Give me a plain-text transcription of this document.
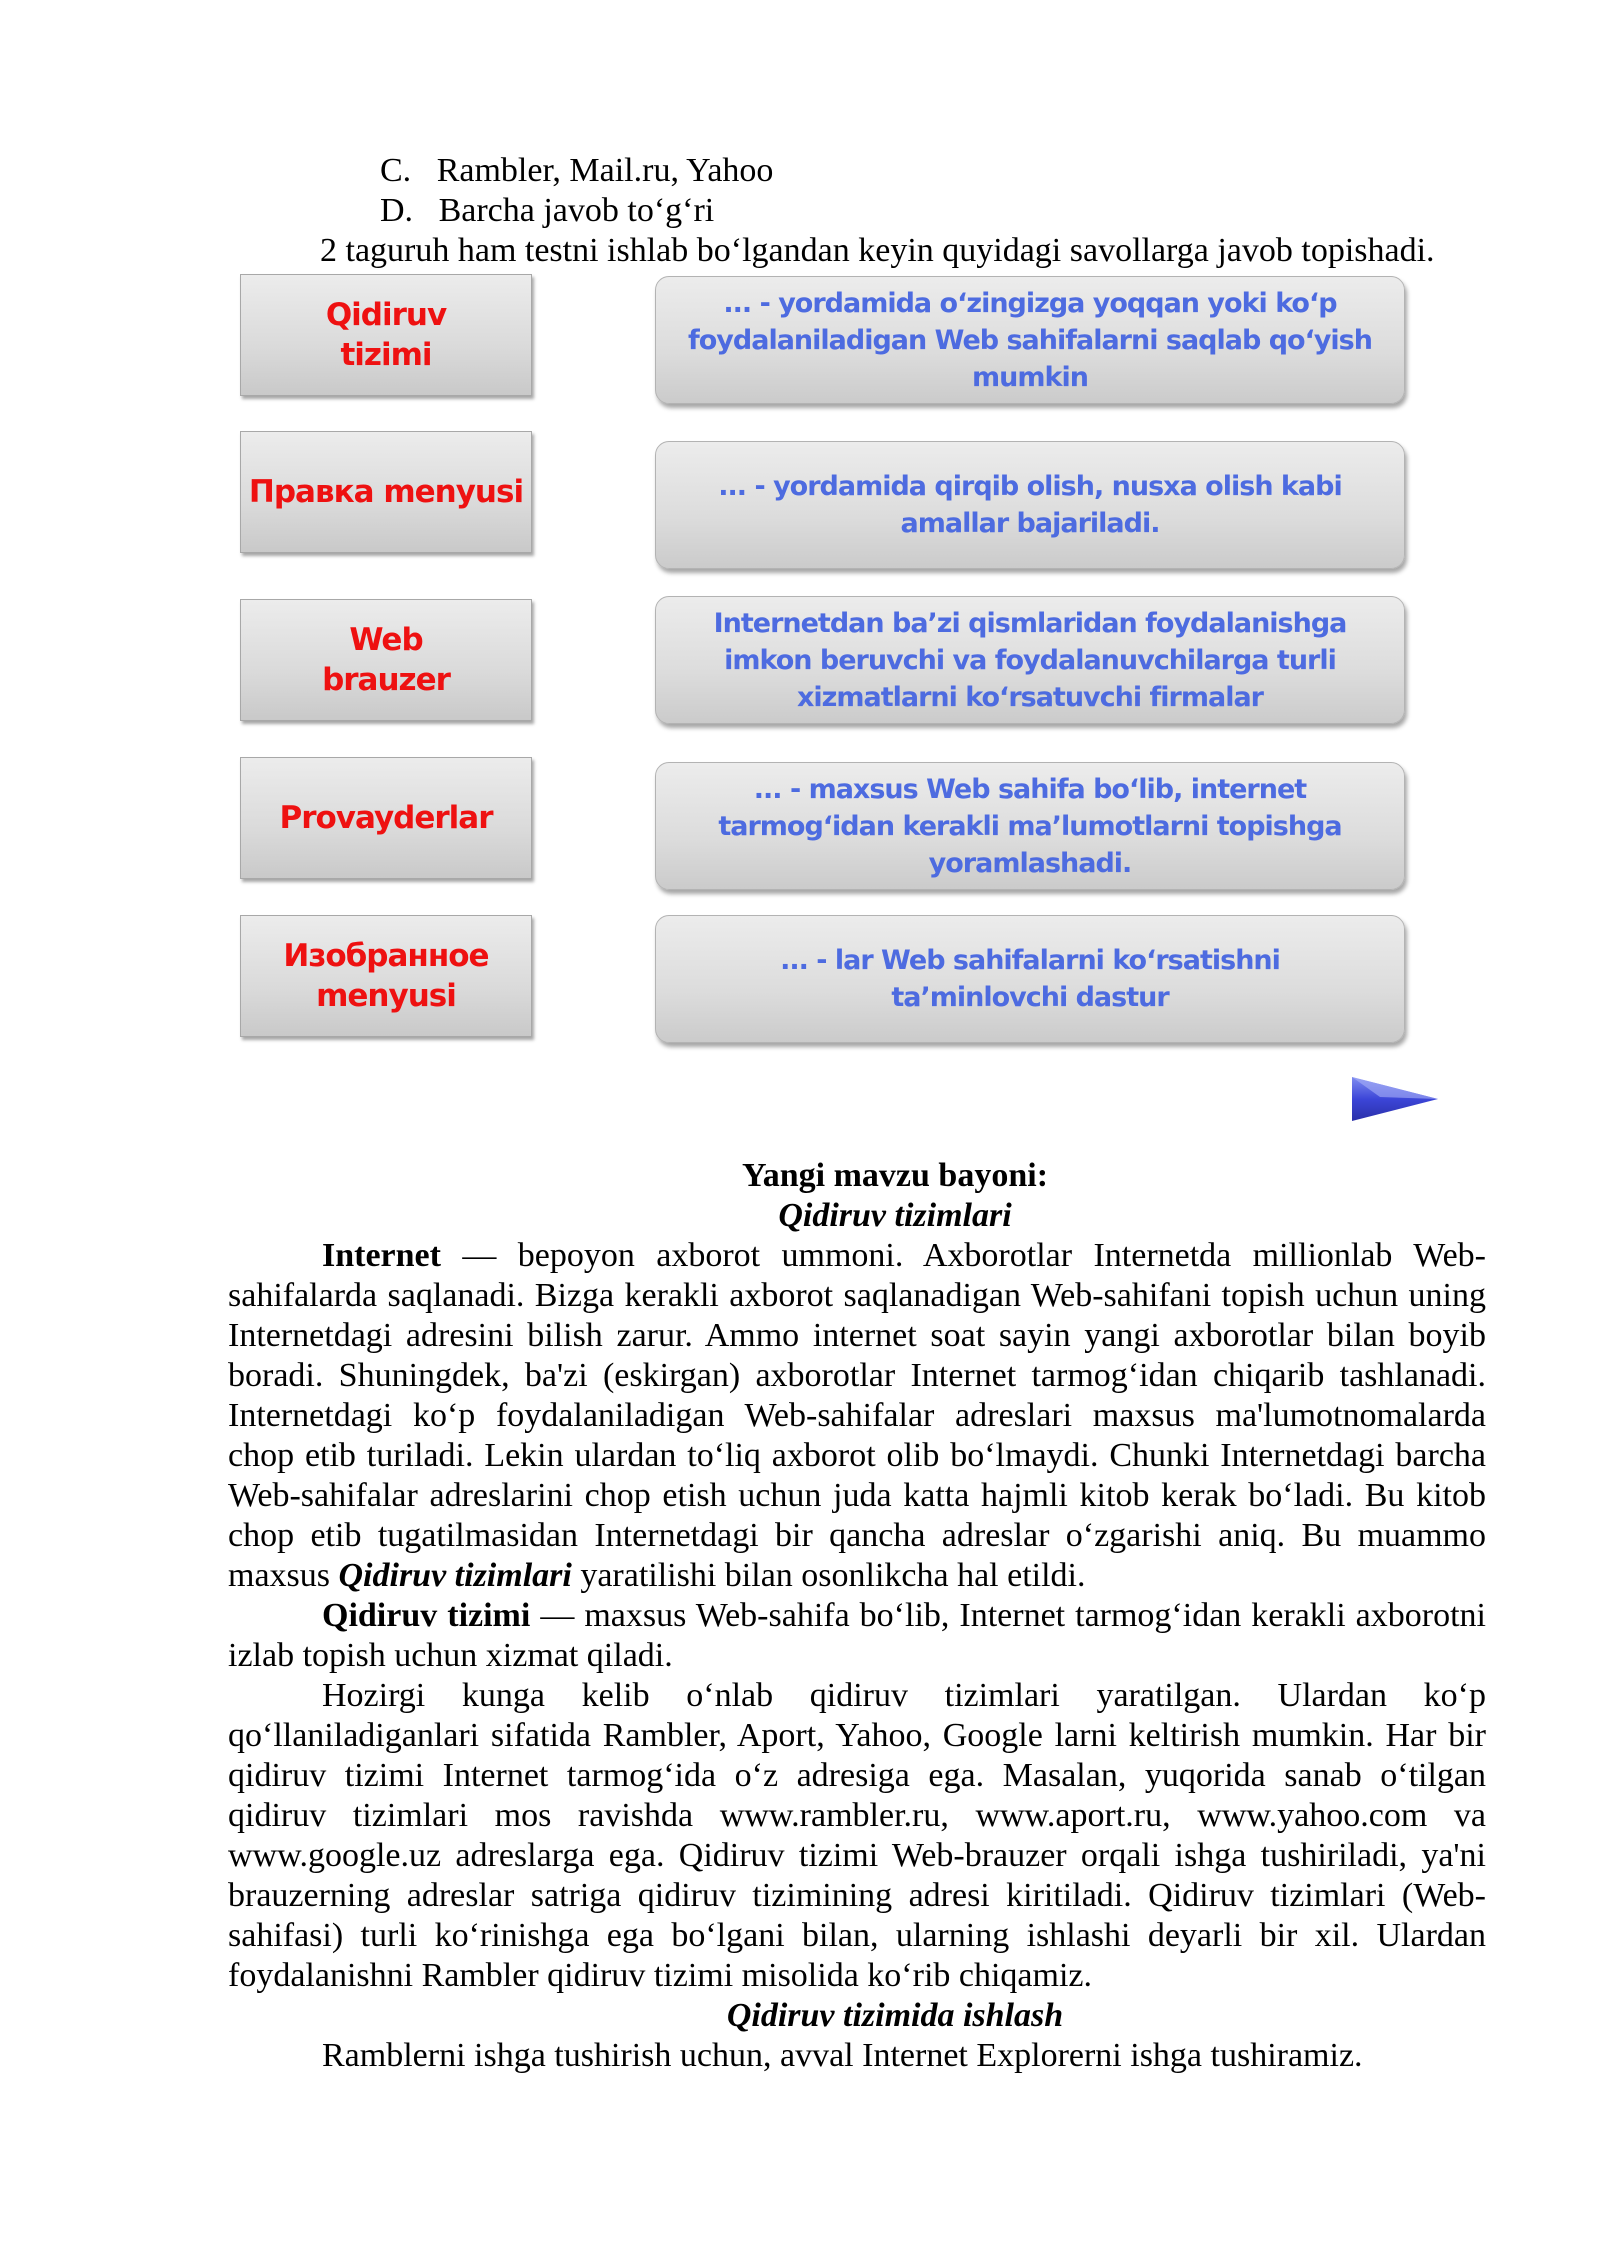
C. Rambler, Mail.ru, Yahoo
D. Barcha javob to‘g‘ri
2 taguruh ham testni ishlab bo‘lgandan keyin quyidagi savollarga javob topishadi.
Qidiruv
tizimi
Правка menyusi
Web
brauzer
Provayderlar
Изобранное
menyusi
... - yordamida o‘zingizga yoqqan yoki ko‘p
foydalaniladigan Web sahifalarni saqlab qo‘yish
mumkin
... - yordamida qirqib olish, nusxa olish kabi
amallar bajariladi.
Internetdan ba’zi qismlaridan foydalanishga
imkon beruvchi va foydalanuvchilarga turli
xizmatlarni ko‘rsatuvchi firmalar
... - maxsus Web sahifa bo‘lib, internet
tarmog‘idan kerakli ma’lumotlarni topishga
yoramlashadi.
... - lar Web sahifalarni ko‘rsatishni
ta’minlovchi dastur
Yangi mavzu bayoni:
Qidiruv tizimlari
Internet — bepoyon axborot ummoni. Axborotlar Internetda millionlab Web-sahifalarda saqlanadi. Bizga kerakli axborot saqlanadigan Web-sahifani topish uchun uning Internetdagi adresini bilish zarur. Ammo internet soat sayin yangi axborotlar bilan boyib boradi. Shuningdek, ba'zi (eskirgan) axborotlar Internet tarmog‘idan chiqarib tashlanadi. Internetdagi ko‘p foydalaniladigan Web-sahifalar adreslari maxsus ma'lumotnomalarda chop etib turiladi. Lekin ulardan to‘liq axborot olib bo‘lmaydi. Chunki Internetdagi barcha Web-sahifalar adreslarini chop etish uchun juda katta hajmli kitob kerak bo‘ladi. Bu kitob chop etib tugatilmasidan Internetdagi bir qancha adreslar o‘zgarishi aniq. Bu muammo maxsus Qidiruv tizimlari yaratilishi bilan osonlikcha hal etildi.
Qidiruv tizimi — maxsus Web-sahifa bo‘lib, Internet tarmog‘idan kerakli axborotni izlab topish uchun xizmat qiladi.
Hozirgi kunga kelib o‘nlab qidiruv tizimlari yaratilgan. Ulardan ko‘p qo‘llaniladiganlari sifatida Rambler, Aport, Yahoo, Google larni keltirish mumkin. Har bir qidiruv tizimi Internet tarmog‘ida o‘z adresiga ega. Masalan, yuqorida sanab o‘tilgan qidiruv tizimlari mos ravishda www.rambler.ru, www.aport.ru, www.yahoo.com va www.google.uz adreslarga ega. Qidiruv tizimi Web-brauzer orqali ishga tushiriladi, ya'ni brauzerning adreslar satriga qidiruv tizimining adresi kiritiladi. Qidiruv tizimlari (Web-sahifasi) turli ko‘rinishga ega bo‘lgani bilan, ularning ishlashi deyarli bir xil. Ulardan foydalanishni Rambler qidiruv tizimi misolida ko‘rib chiqamiz.
Qidiruv tizimida ishlash
Ramblerni ishga tushirish uchun, avval Internet Explorerni ishga tushiramiz.
